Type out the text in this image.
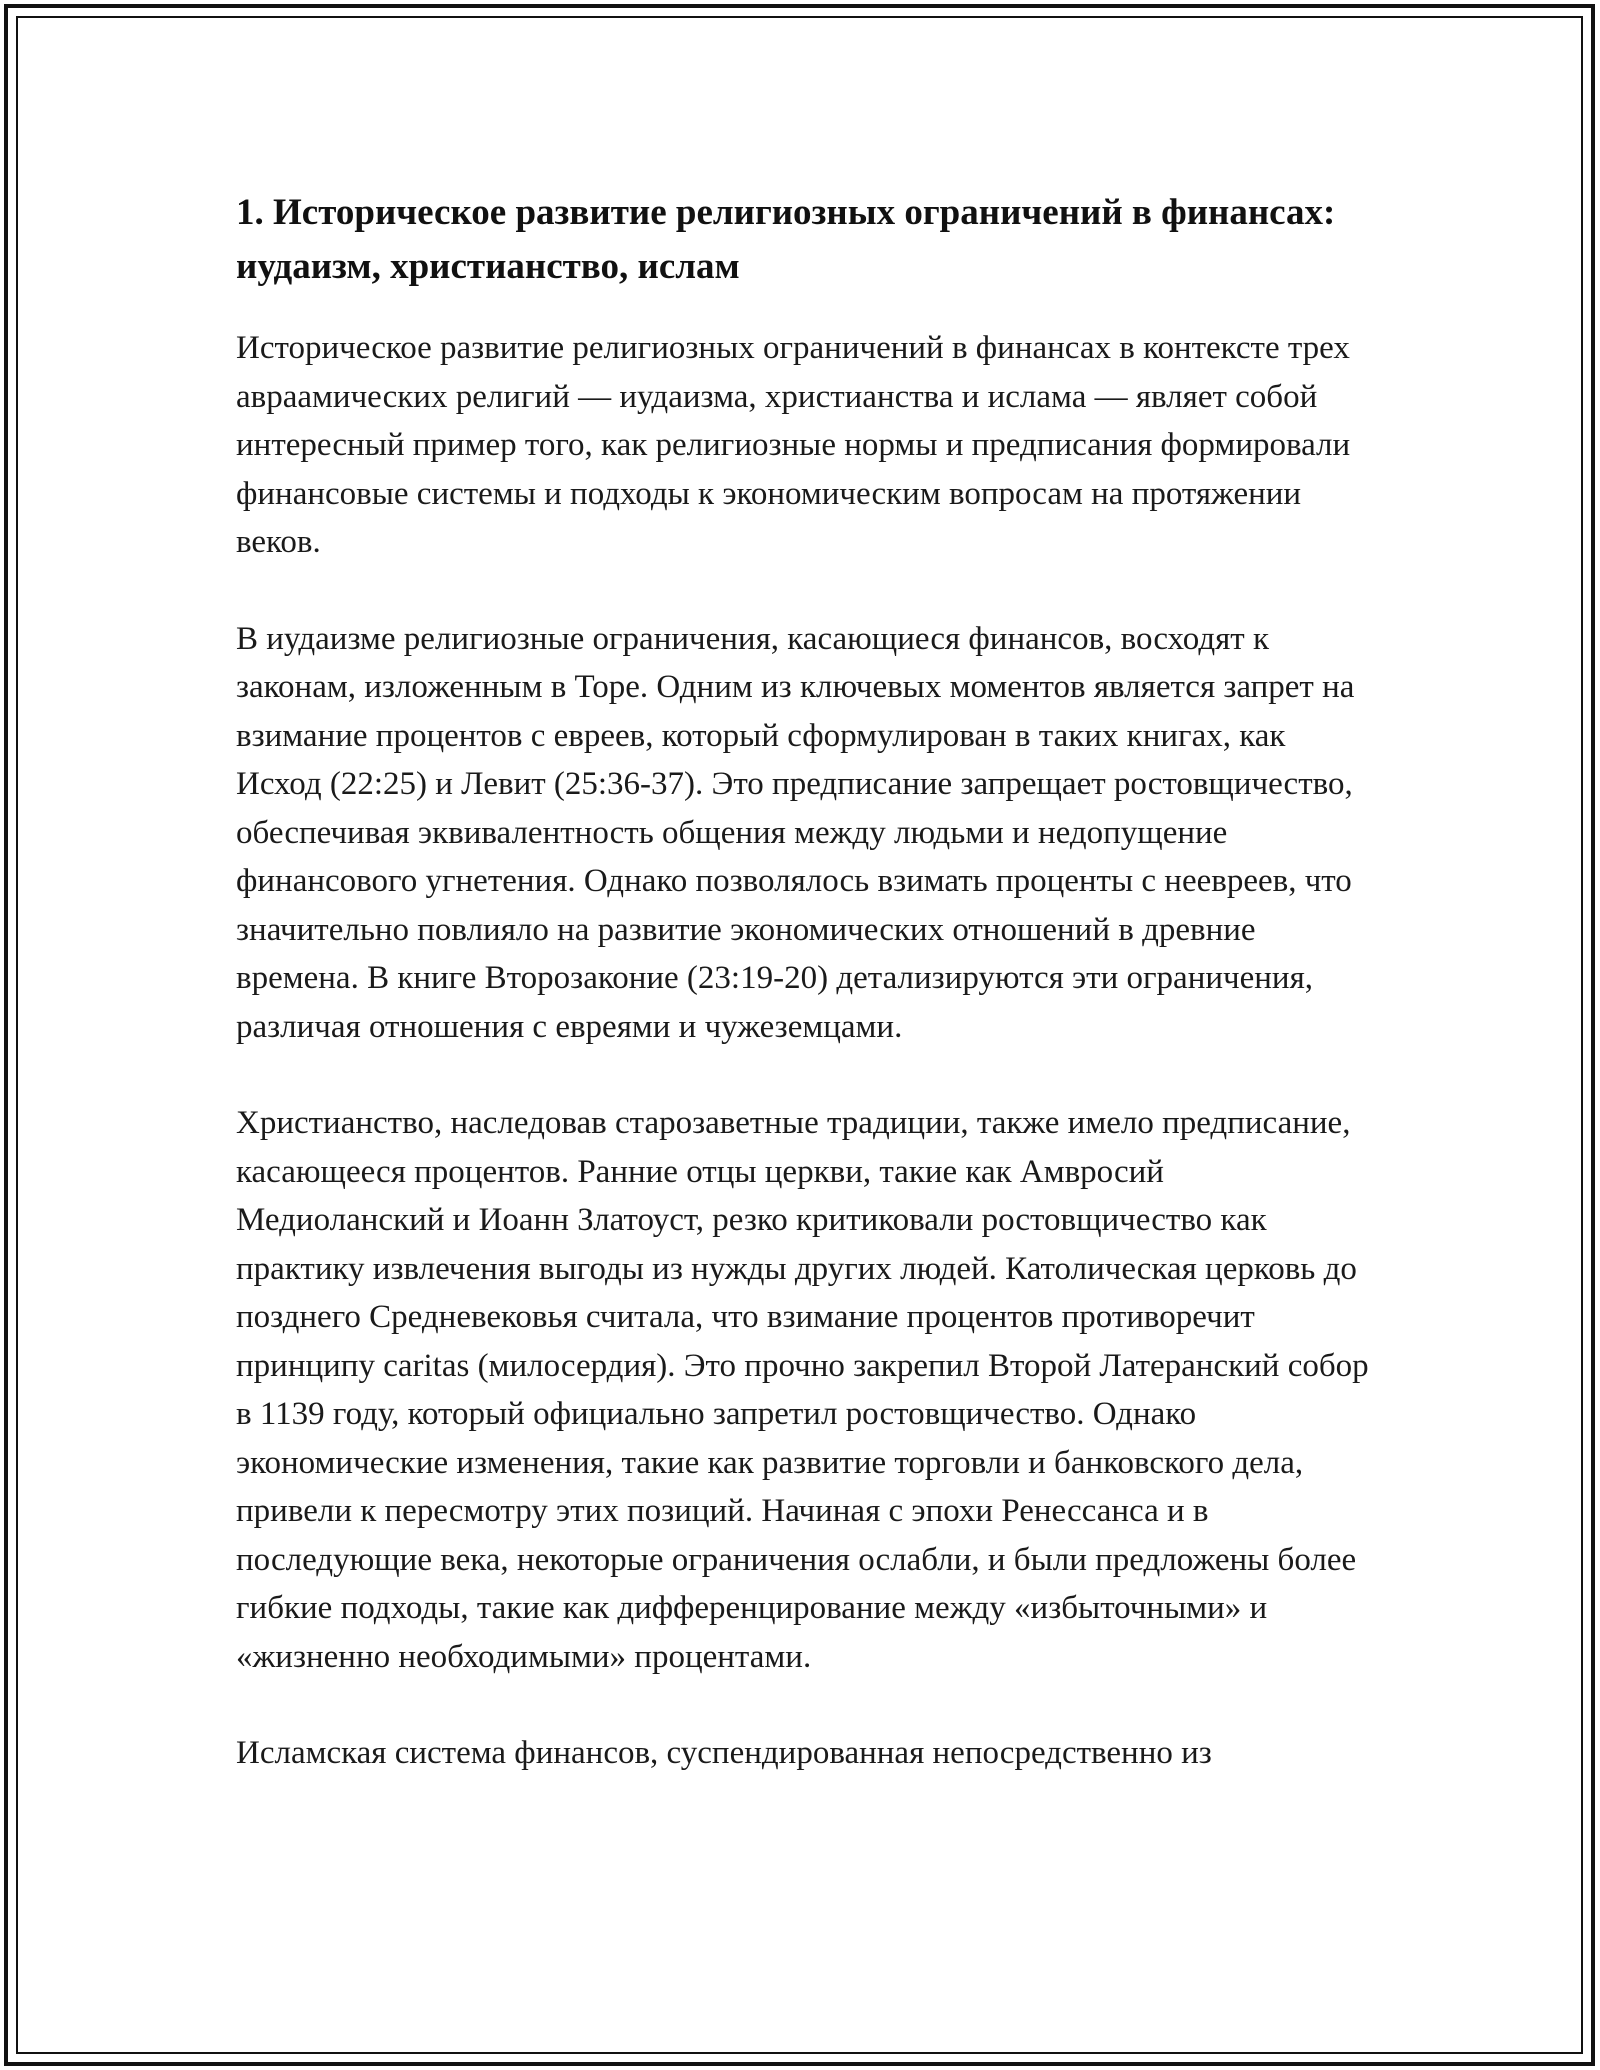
1. Историческое развитие религиозных ограничений в финансах: иудаизм, христианство, ислам

Историческое развитие религиозных ограничений в финансах в контексте трех авраамических религий — иудаизма, христианства и ислама — являет собой интересный пример того, как религиозные нормы и предписания формировали финансовые системы и подходы к экономическим вопросам на протяжении веков.

В иудаизме религиозные ограничения, касающиеся финансов, восходят к законам, изложенным в Торе. Одним из ключевых моментов является запрет на взимание процентов с евреев, который сформулирован в таких книгах, как Исход (22:25) и Левит (25:36-37). Это предписание запрещает ростовщичество, обеспечивая эквивалентность общения между людьми и недопущение финансового угнетения. Однако позволялось взимать проценты с неевреев, что значительно повлияло на развитие экономических отношений в древние времена. В книге Второзаконие (23:19-20) детализируются эти ограничения, различая отношения с евреями и чужеземцами.

Христианство, наследовав старозаветные традиции, также имело предписание, касающееся процентов. Ранние отцы церкви, такие как Амвросий Медиоланский и Иоанн Златоуст, резко критиковали ростовщичество как практику извлечения выгоды из нужды других людей. Католическая церковь до позднего Средневековья считала, что взимание процентов противоречит принципу caritas (милосердия). Это прочно закрепил Второй Латеранский собор в 1139 году, который официально запретил ростовщичество. Однако экономические изменения, такие как развитие торговли и банковского дела, привели к пересмотру этих позиций. Начиная с эпохи Ренессанса и в последующие века, некоторые ограничения ослабли, и были предложены более гибкие подходы, такие как дифференцирование между «избыточными» и «жизненно необходимыми» процентами.

Исламская система финансов, суспендированная непосредственно из
